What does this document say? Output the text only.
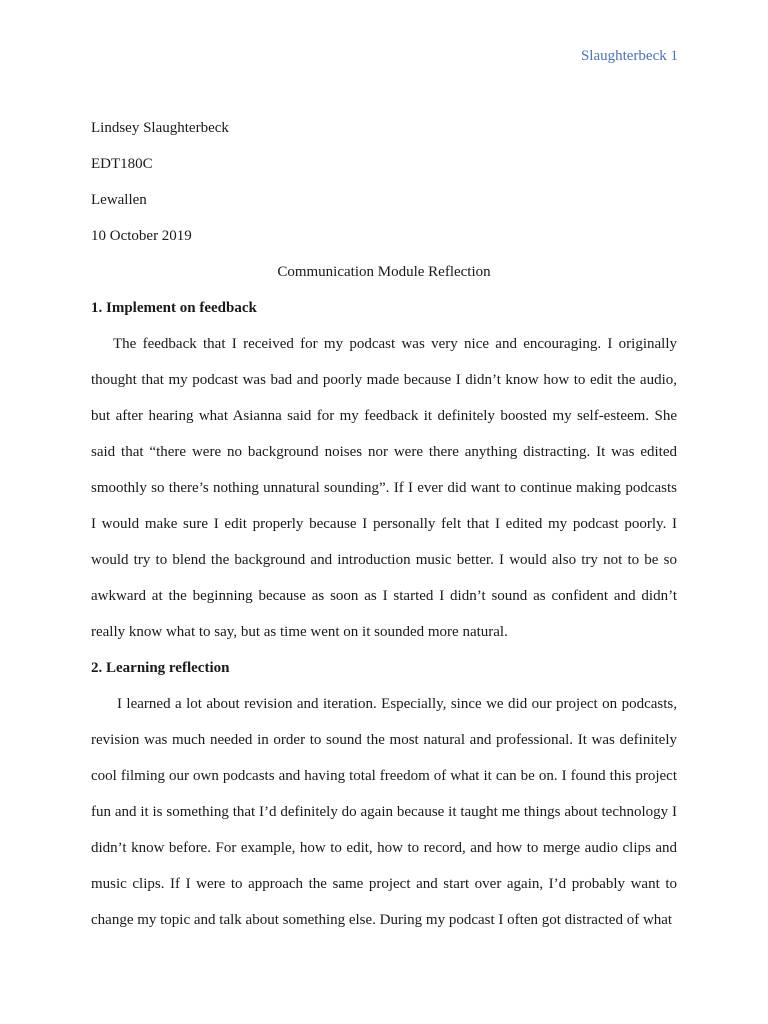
Slaughterbeck 1

Lindsey Slaughterbeck

EDT180C

Lewallen

10 October 2019

Communication Module Reflection

1. Implement on feedback

The feedback that I received for my podcast was very nice and encouraging. I originally thought that my podcast was bad and poorly made because I didn’t know how to edit the audio, but after hearing what Asianna said for my feedback it definitely boosted my self-esteem. She said that “there were no background noises nor were there anything distracting. It was edited smoothly so there’s nothing unnatural sounding”. If I ever did want to continue making podcasts I would make sure I edit properly because I personally felt that I edited my podcast poorly. I would try to blend the background and introduction music better. I would also try not to be so awkward at the beginning because as soon as I started I didn’t sound as confident and didn’t really know what to say, but as time went on it sounded more natural.

2. Learning reflection

I learned a lot about revision and iteration. Especially, since we did our project on podcasts, revision was much needed in order to sound the most natural and professional. It was definitely cool filming our own podcasts and having total freedom of what it can be on. I found this project fun and it is something that I’d definitely do again because it taught me things about technology I didn’t know before. For example, how to edit, how to record, and how to merge audio clips and music clips. If I were to approach the same project and start over again, I’d probably want to change my topic and talk about something else. During my podcast I often got distracted of what
